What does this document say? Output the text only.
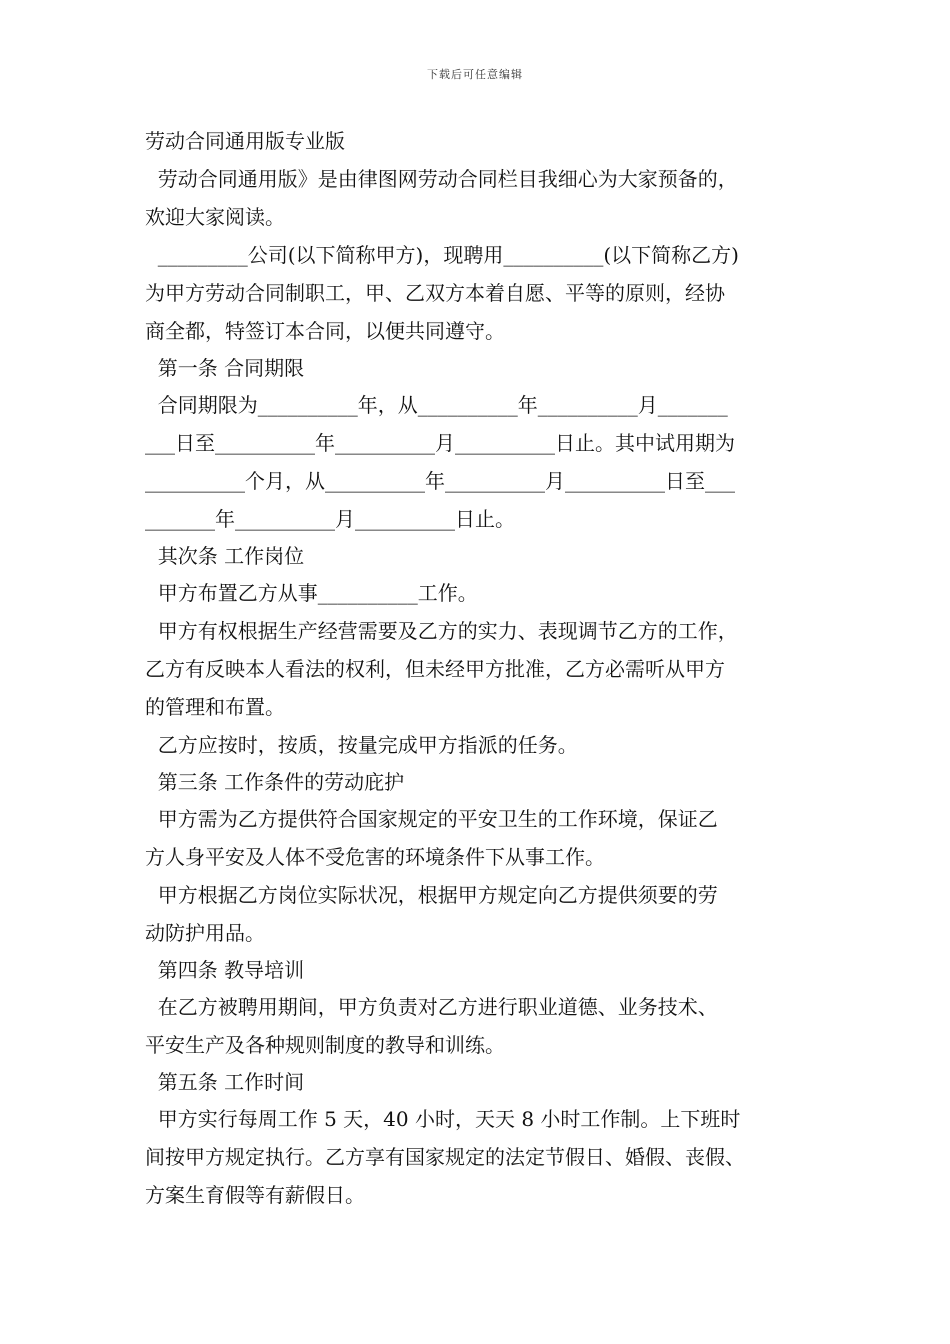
下载后可任意编辑
劳动合同通用版专业版
劳动合同通用版》是由律图网劳动合同栏目我细心为大家预备的，
欢迎大家阅读。
_________公司(以下简称甲方)，现聘用__________(以下简称乙方)
为甲方劳动合同制职工，甲、乙双方本着自愿、平等的原则，经协
商全都，特签订本合同，以便共同遵守。
第一条 合同期限
合同期限为__________年，从__________年__________月_______
___日至__________年__________月__________日止。其中试用期为
__________个月，从__________年__________月__________日至___
_______年__________月__________日止。
其次条 工作岗位
甲方布置乙方从事__________工作。
甲方有权根据生产经营需要及乙方的实力、表现调节乙方的工作，
乙方有反映本人看法的权利，但未经甲方批准，乙方必需听从甲方
的管理和布置。
乙方应按时，按质，按量完成甲方指派的任务。
第三条 工作条件的劳动庇护
甲方需为乙方提供符合国家规定的平安卫生的工作环境，保证乙
方人身平安及人体不受危害的环境条件下从事工作。
甲方根据乙方岗位实际状况，根据甲方规定向乙方提供须要的劳
动防护用品。
第四条 教导培训
在乙方被聘用期间，甲方负责对乙方进行职业道德、业务技术、
平安生产及各种规则制度的教导和训练。
第五条 工作时间
甲方实行每周工作 5 天，40 小时，天天 8 小时工作制。上下班时
间按甲方规定执行。乙方享有国家规定的法定节假日、婚假、丧假、
方案生育假等有薪假日。
